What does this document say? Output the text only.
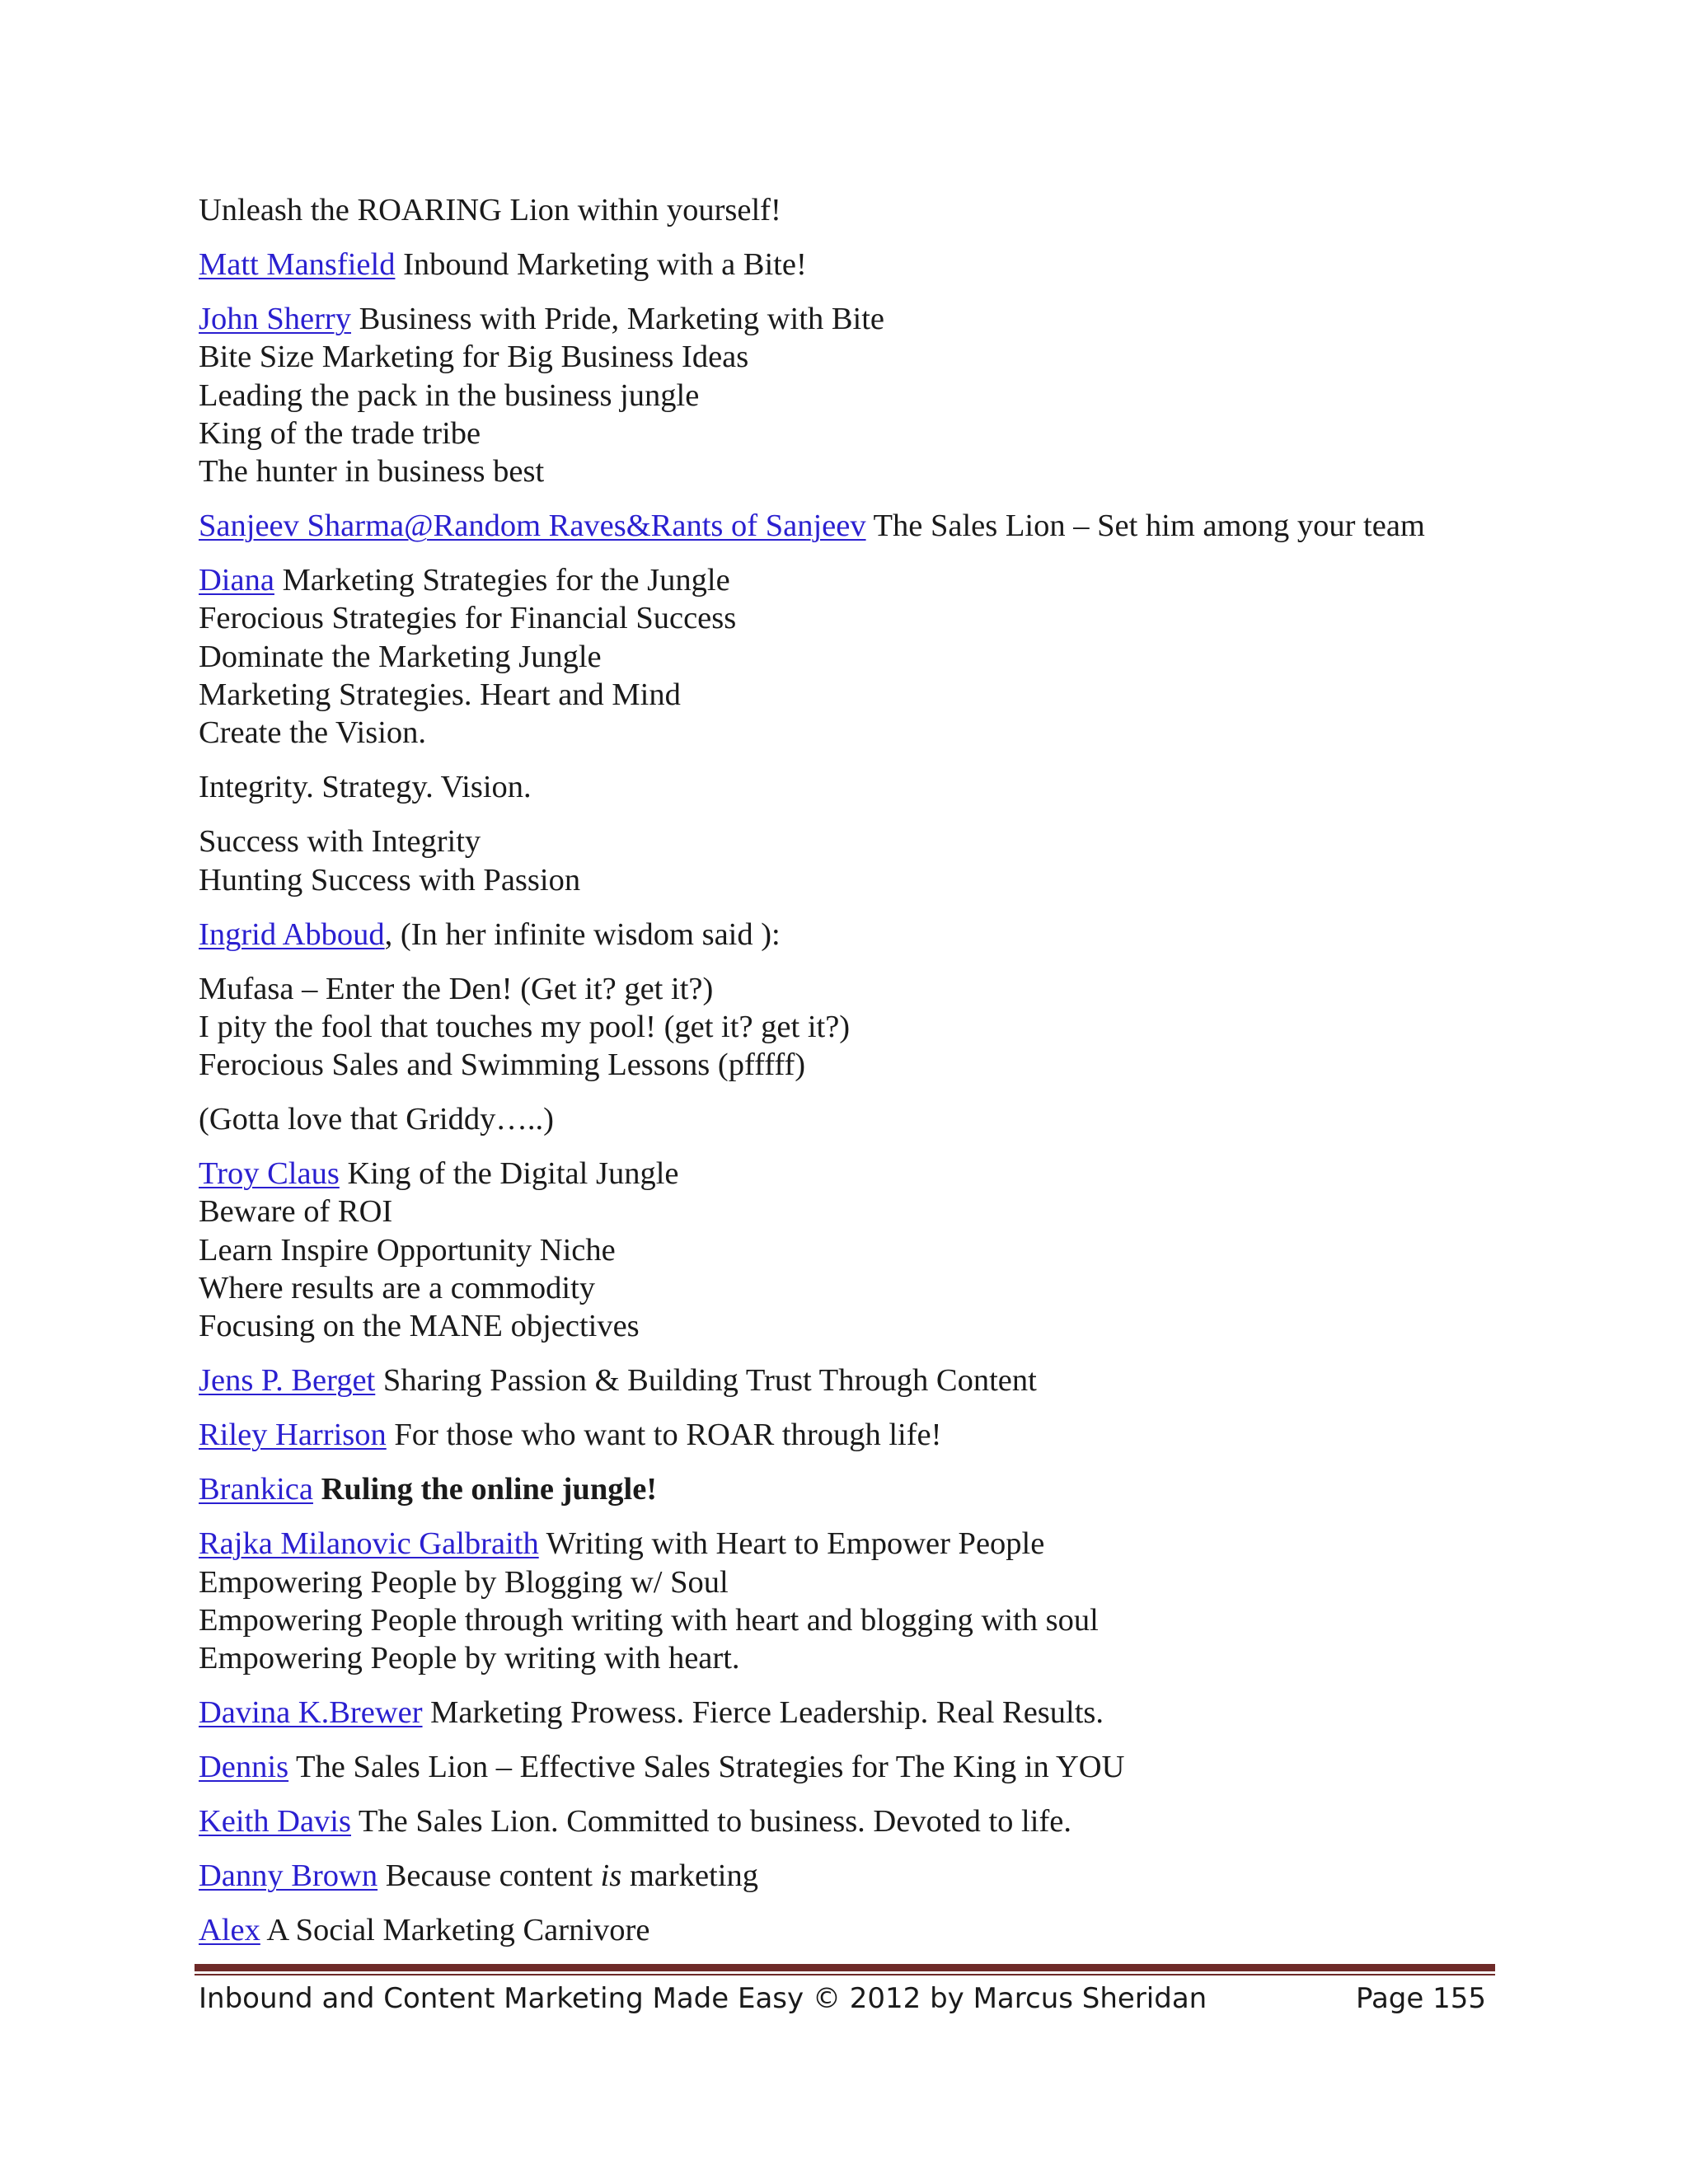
Unleash the ROARING Lion within yourself!

Matt Mansfield Inbound Marketing with a Bite!

John Sherry Business with Pride, Marketing with Bite
Bite Size Marketing for Big Business Ideas
Leading the pack in the business jungle
King of the trade tribe
The hunter in business best

Sanjeev Sharma@Random Raves&Rants of Sanjeev The Sales Lion – Set him among your team

Diana Marketing Strategies for the Jungle
Ferocious Strategies for Financial Success
Dominate the Marketing Jungle
Marketing Strategies. Heart and Mind
Create the Vision.

Integrity. Strategy. Vision.

Success with Integrity
Hunting Success with Passion

Ingrid Abboud, (In her infinite wisdom said ):

Mufasa – Enter the Den! (Get it? get it?)
I pity the fool that touches my pool! (get it? get it?)
Ferocious Sales and Swimming Lessons (pfffff)

(Gotta love that Griddy…..)

Troy Claus King of the Digital Jungle
Beware of ROI
Learn Inspire Opportunity Niche
Where results are a commodity
Focusing on the MANE objectives

Jens P. Berget Sharing Passion & Building Trust Through Content

Riley Harrison For those who want to ROAR through life!

Brankica Ruling the online jungle!

Rajka Milanovic Galbraith Writing with Heart to Empower People
Empowering People by Blogging w/ Soul
Empowering People through writing with heart and blogging with soul
Empowering People by writing with heart.

Davina K.Brewer Marketing Prowess. Fierce Leadership. Real Results.

Dennis The Sales Lion – Effective Sales Strategies for The King in YOU

Keith Davis The Sales Lion. Committed to business. Devoted to life.

Danny Brown Because content is marketing

Alex A Social Marketing Carnivore

Inbound and Content Marketing Made Easy © 2012 by Marcus Sheridan	Page 155
